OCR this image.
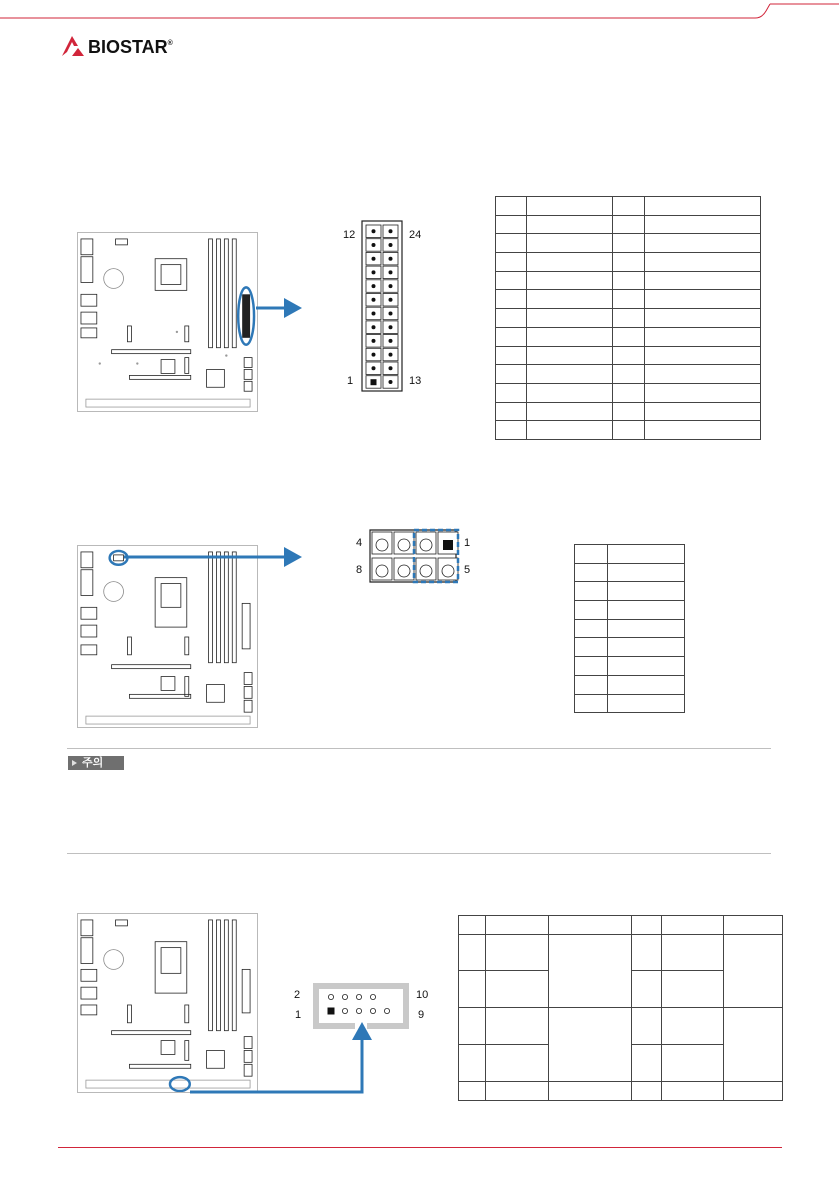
BIOSTAR®
12	24
1	13

4	1
8	5

주의
2	10
1	9
